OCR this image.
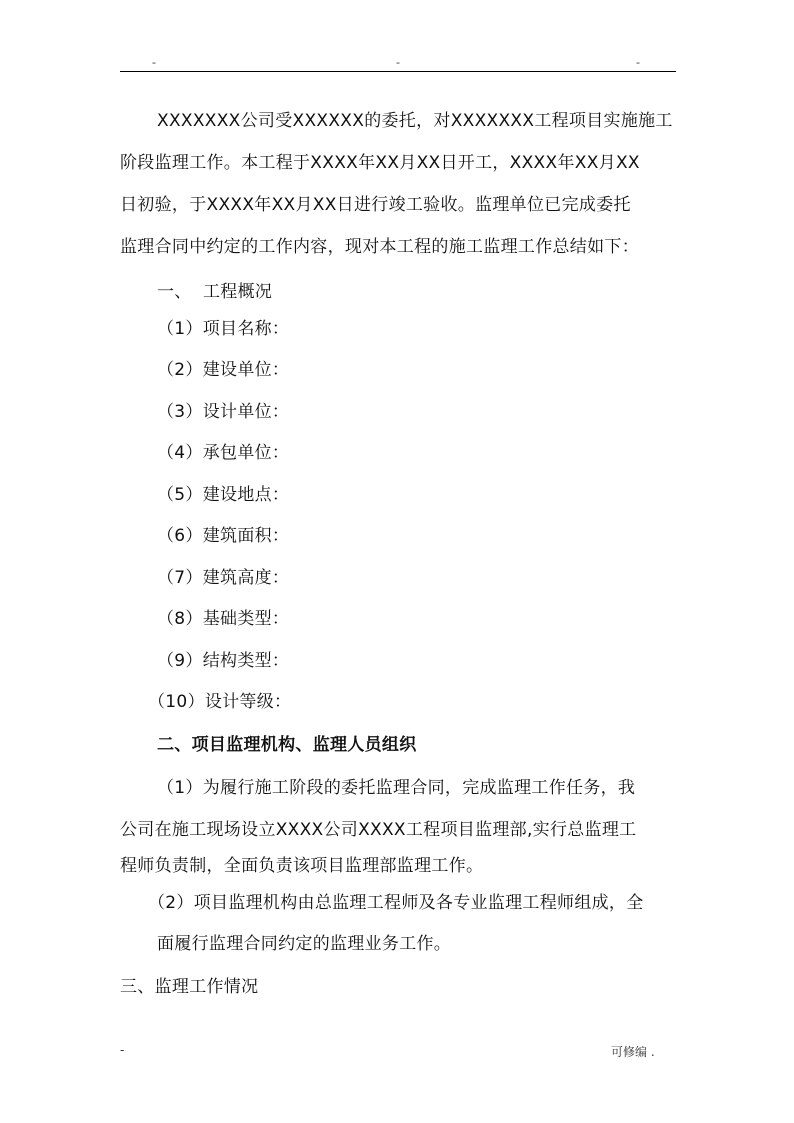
-	-	-
XXXXXXX公司受XXXXXX的委托，对XXXXXXX工程项目实施施工
阶段监理工作。本工程于XXXX年XX月XX日开工，XXXX年XX月XX
日初验，于XXXX年XX月XX日进行竣工验收。监理单位已完成委托
监理合同中约定的工作内容，现对本工程的施工监理工作总结如下：
一、  工程概况
（1）项目名称：
（2）建设单位：
（3）设计单位：
（4）承包单位：
（5）建设地点：
（6）建筑面积：
（7）建筑高度：
（8）基础类型：
（9）结构类型：
（10）设计等级：
二、项目监理机构、监理人员组织
（1）为履行施工阶段的委托监理合同，完成监理工作任务，我
公司在施工现场设立XXXX公司XXXX工程项目监理部,实行总监理工
程师负责制，全面负责该项目监理部监理工作。
（2）项目监理机构由总监理工程师及各专业监理工程师组成，全
面履行监理合同约定的监理业务工作。
三、监理工作情况
-	可修编 .
